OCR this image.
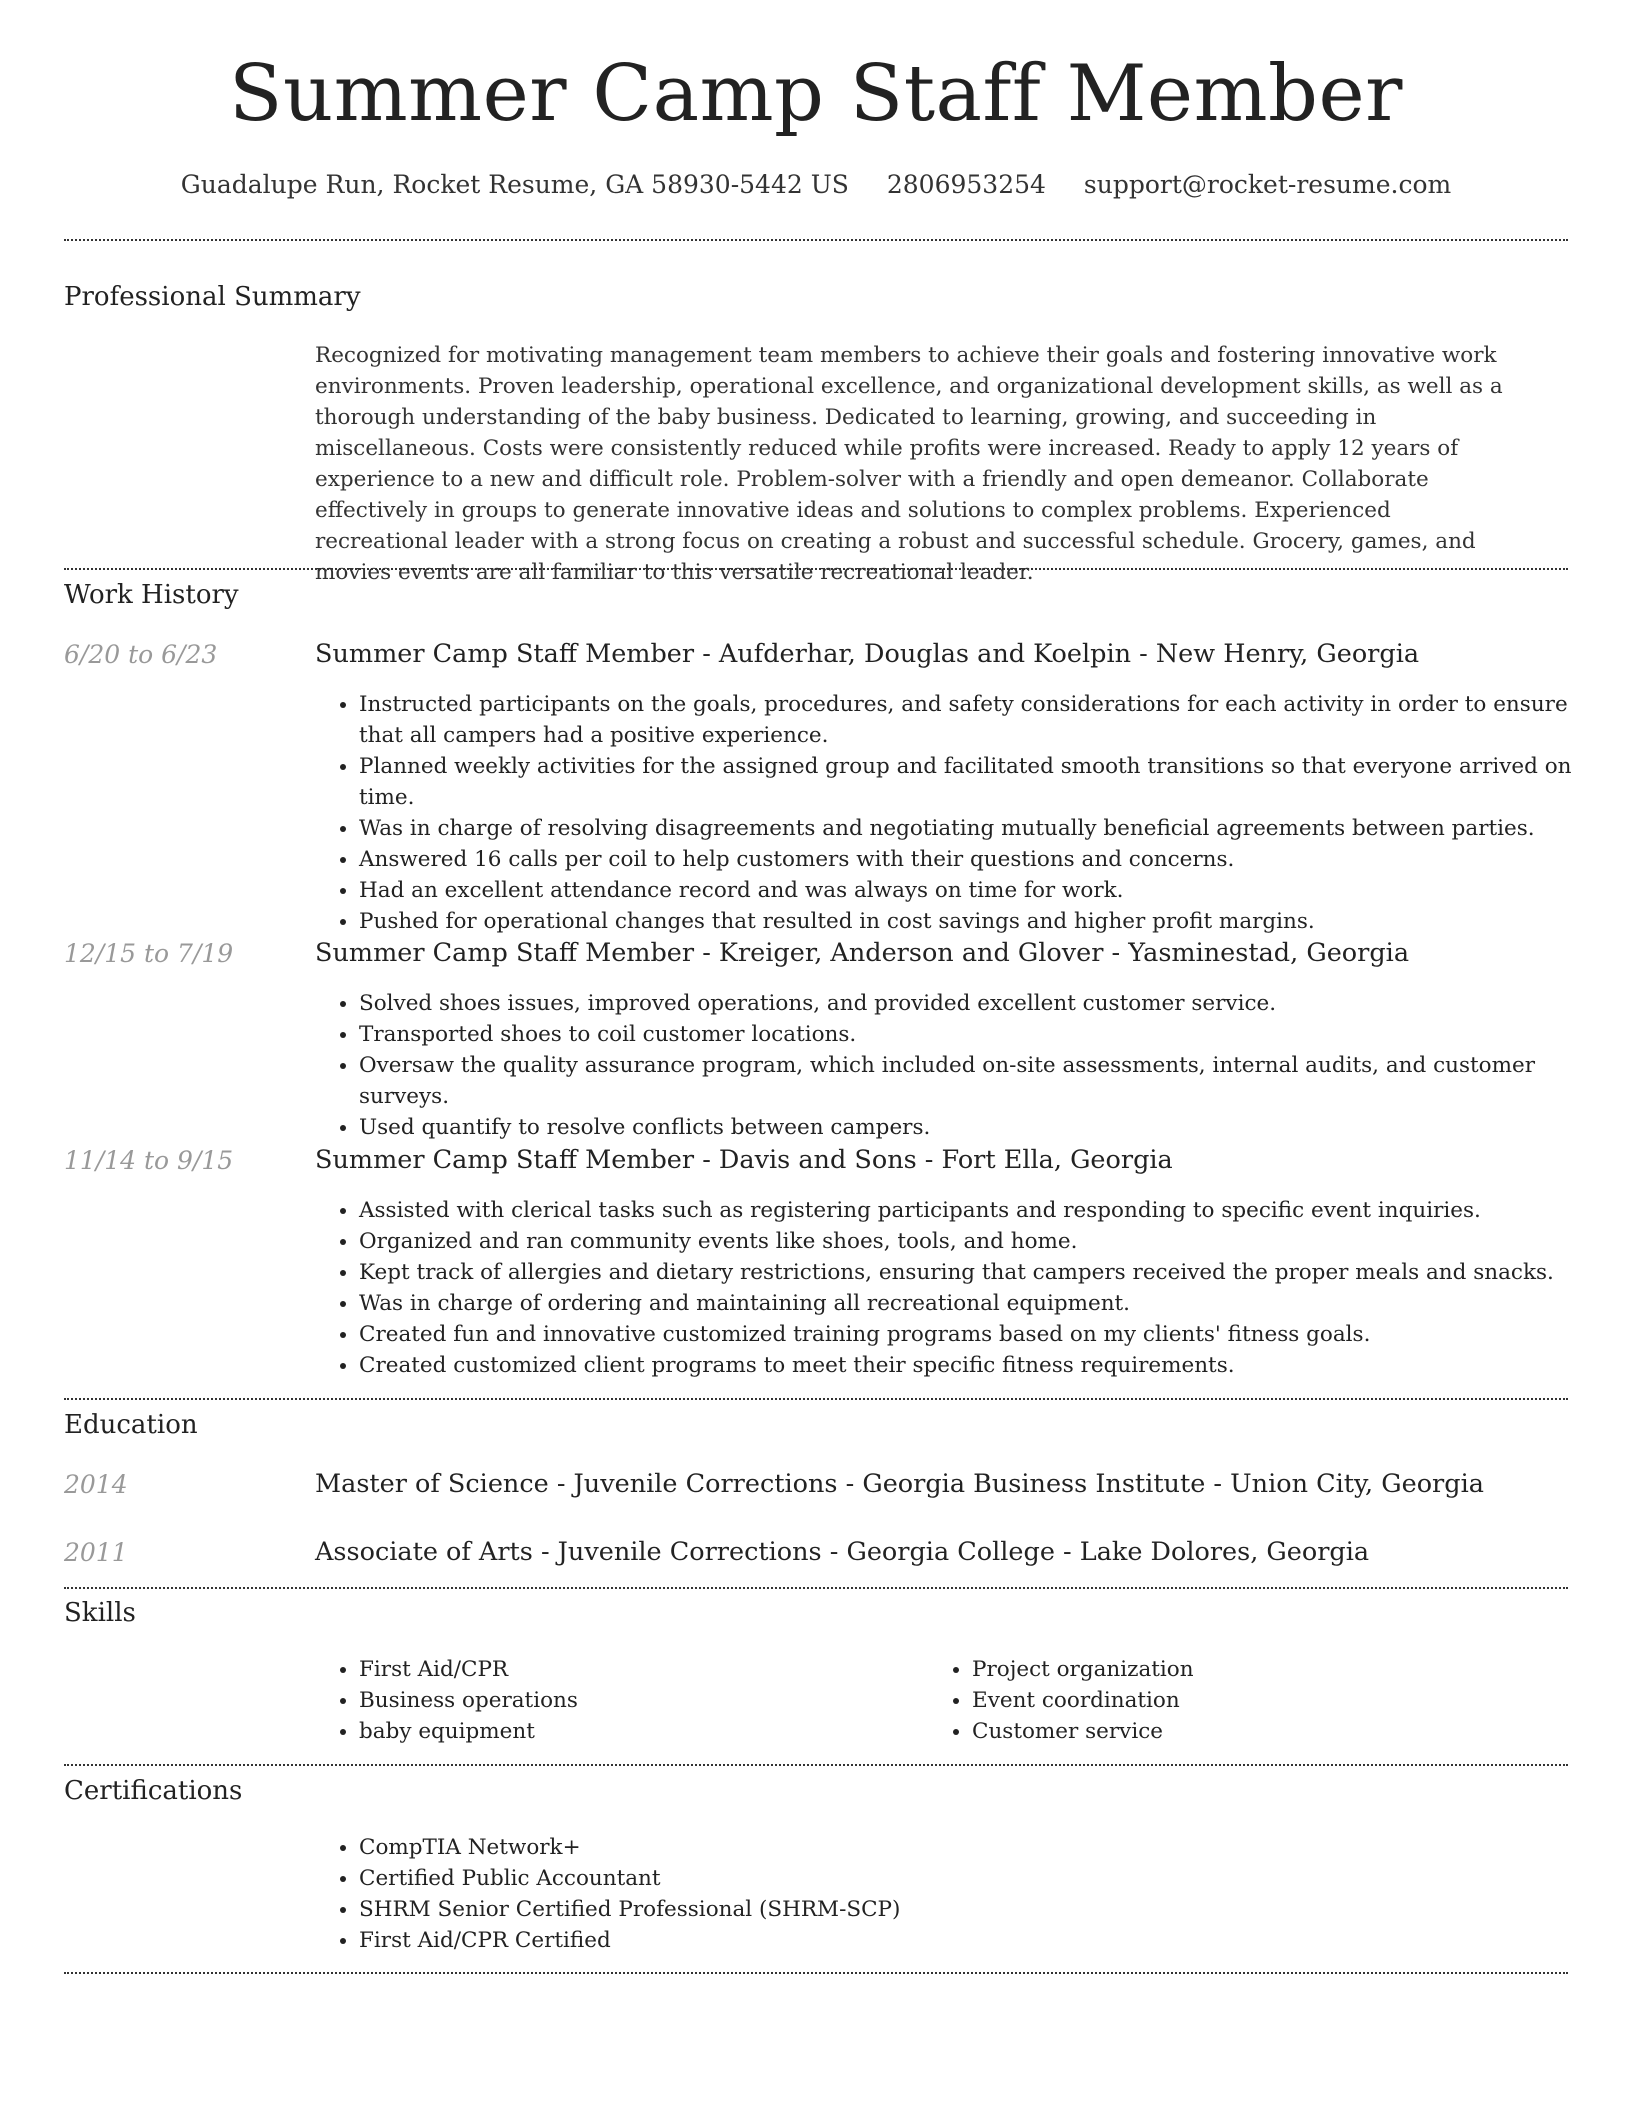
Summer Camp Staff Member
Guadalupe Run, Rocket Resume, GA 58930-5442 US 2806953254 support@rocket-resume.com
Professional Summary

Recognized for motivating management team members to achieve their goals and fostering innovative work environments. Proven leadership, operational excellence, and organizational development skills, as well as a thorough understanding of the baby business. Dedicated to learning, growing, and succeeding in miscellaneous. Costs were consistently reduced while profits were increased. Ready to apply 12 years of experience to a new and difficult role. Problem-solver with a friendly and open demeanor. Collaborate effectively in groups to generate innovative ideas and solutions to complex problems. Experienced recreational leader with a strong focus on creating a robust and successful schedule. Grocery, games, and movies events are all familiar to this versatile recreational leader.

Work History
6/20 to 6/23	Summer Camp Staff Member - Aufderhar, Douglas and Koelpin - New Henry, Georgia
• Instructed participants on the goals, procedures, and safety considerations for each activity in order to ensure that all campers had a positive experience.
• Planned weekly activities for the assigned group and facilitated smooth transitions so that everyone arrived on time.
• Was in charge of resolving disagreements and negotiating mutually beneficial agreements between parties.
• Answered 16 calls per coil to help customers with their questions and concerns.
• Had an excellent attendance record and was always on time for work.
• Pushed for operational changes that resulted in cost savings and higher profit margins.
12/15 to 7/19	Summer Camp Staff Member - Kreiger, Anderson and Glover - Yasminestad, Georgia
• Solved shoes issues, improved operations, and provided excellent customer service.
• Transported shoes to coil customer locations.
• Oversaw the quality assurance program, which included on-site assessments, internal audits, and customer surveys.
• Used quantify to resolve conflicts between campers.
11/14 to 9/15	Summer Camp Staff Member - Davis and Sons - Fort Ella, Georgia
• Assisted with clerical tasks such as registering participants and responding to specific event inquiries.
• Organized and ran community events like shoes, tools, and home.
• Kept track of allergies and dietary restrictions, ensuring that campers received the proper meals and snacks.
• Was in charge of ordering and maintaining all recreational equipment.
• Created fun and innovative customized training programs based on my clients' fitness goals.
• Created customized client programs to meet their specific fitness requirements.
Education
2014	Master of Science - Juvenile Corrections - Georgia Business Institute - Union City, Georgia
2011	Associate of Arts - Juvenile Corrections - Georgia College - Lake Dolores, Georgia
Skills
• First Aid/CPR
• Business operations
• baby equipment
• Project organization
• Event coordination
• Customer service
Certifications
• CompTIA Network+
• Certified Public Accountant
• SHRM Senior Certified Professional (SHRM-SCP)
• First Aid/CPR Certified
